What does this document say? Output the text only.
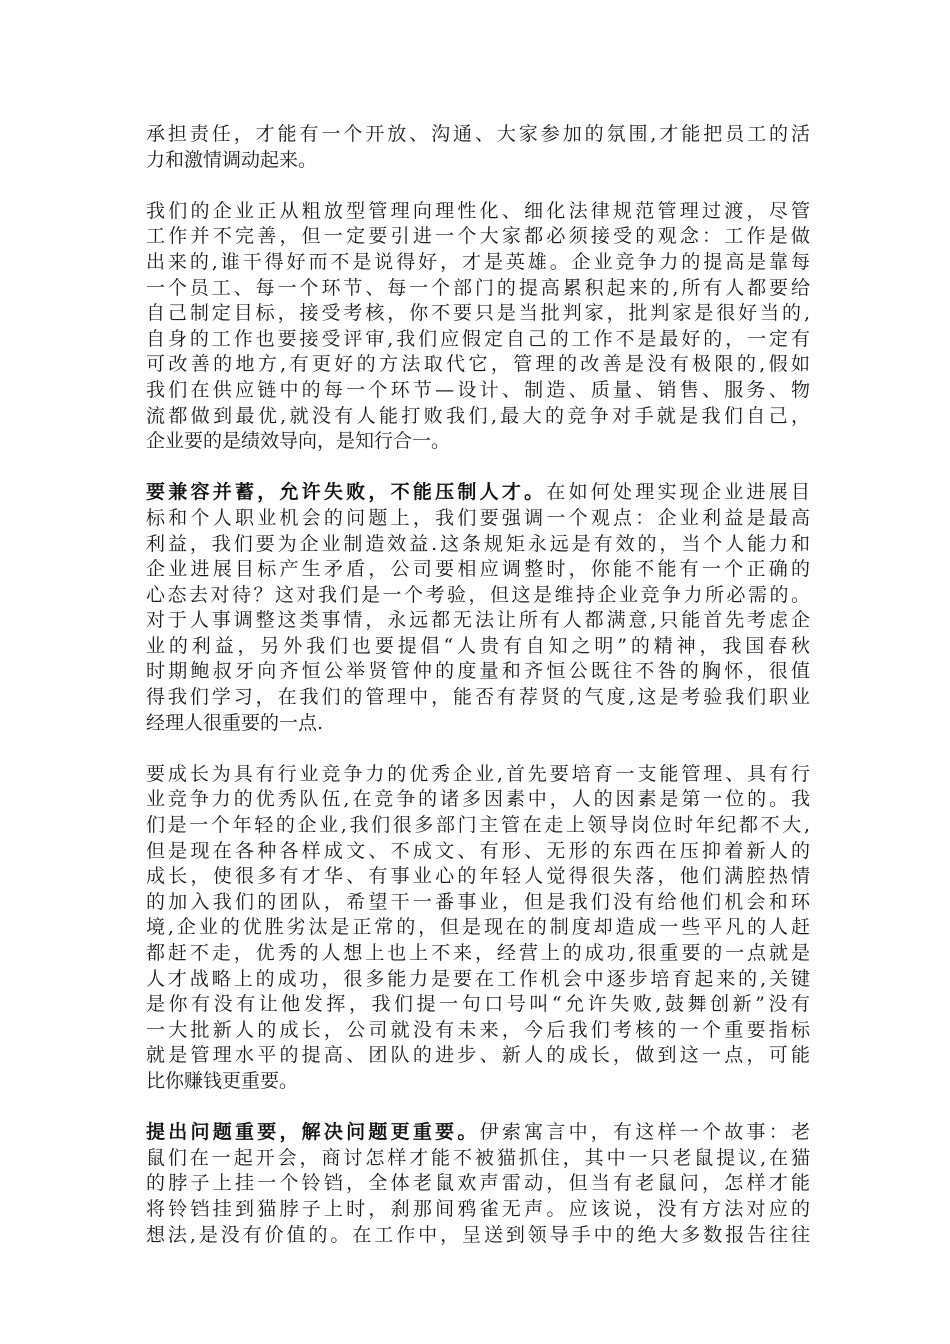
承担责任，才能有一个开放、沟通、大家参加的氛围,才能把员工的活
力和激情调动起来。
我们的企业正从粗放型管理向理性化、细化法律规范管理过渡，尽管
工作并不完善，但一定要引进一个大家都必须接受的观念：工作是做
出来的,谁干得好而不是说得好，才是英雄。企业竞争力的提高是靠每
一个员工、每一个环节、每一个部门的提高累积起来的,所有人都要给
自己制定目标，接受考核，你不要只是当批判家，批判家是很好当的,
自身的工作也要接受评审,我们应假定自己的工作不是最好的，一定有
可改善的地方,有更好的方法取代它，管理的改善是没有极限的,假如
我们在供应链中的每一个环节—设计、制造、质量、销售、服务、物
流都做到最优,就没有人能打败我们,最大的竞争对手就是我们自己，
企业要的是绩效导向，是知行合一。
要兼容并蓄，允许失败，不能压制人才。在如何处理实现企业进展目
标和个人职业机会的问题上，我们要强调一个观点：企业利益是最高
利益，我们要为企业制造效益.这条规矩永远是有效的，当个人能力和
企业进展目标产生矛盾，公司要相应调整时，你能不能有一个正确的
心态去对待？这对我们是一个考验，但这是维持企业竞争力所必需的。
对于人事调整这类事情，永远都无法让所有人都满意,只能首先考虑企
业的利益，另外我们也要提倡“人贵有自知之明”的精神，我国春秋
时期鲍叔牙向齐恒公举贤管仲的度量和齐恒公既往不咎的胸怀，很值
得我们学习，在我们的管理中，能否有荐贤的气度,这是考验我们职业
经理人很重要的一点.
要成长为具有行业竞争力的优秀企业,首先要培育一支能管理、具有行
业竞争力的优秀队伍,在竞争的诸多因素中，人的因素是第一位的。我
们是一个年轻的企业,我们很多部门主管在走上领导岗位时年纪都不大,
但是现在各种各样成文、不成文、有形、无形的东西在压抑着新人的
成长，使很多有才华、有事业心的年轻人觉得很失落，他们满腔热情
的加入我们的团队，希望干一番事业，但是我们没有给他们机会和环
境,企业的优胜劣汰是正常的，但是现在的制度却造成一些平凡的人赶
都赶不走，优秀的人想上也上不来，经营上的成功,很重要的一点就是
人才战略上的成功，很多能力是要在工作机会中逐步培育起来的,关键
是你有没有让他发挥，我们提一句口号叫“允许失败,鼓舞创新”没有
一大批新人的成长，公司就没有未来，今后我们考核的一个重要指标
就是管理水平的提高、团队的进步、新人的成长，做到这一点，可能
比你赚钱更重要。
提出问题重要，解决问题更重要。伊索寓言中，有这样一个故事：老
鼠们在一起开会，商讨怎样才能不被猫抓住，其中一只老鼠提议,在猫
的脖子上挂一个铃铛，全体老鼠欢声雷动，但当有老鼠问，怎样才能
将铃铛挂到猫脖子上时，刹那间鸦雀无声。应该说，没有方法对应的
想法,是没有价值的。在工作中，呈送到领导手中的绝大多数报告往往
